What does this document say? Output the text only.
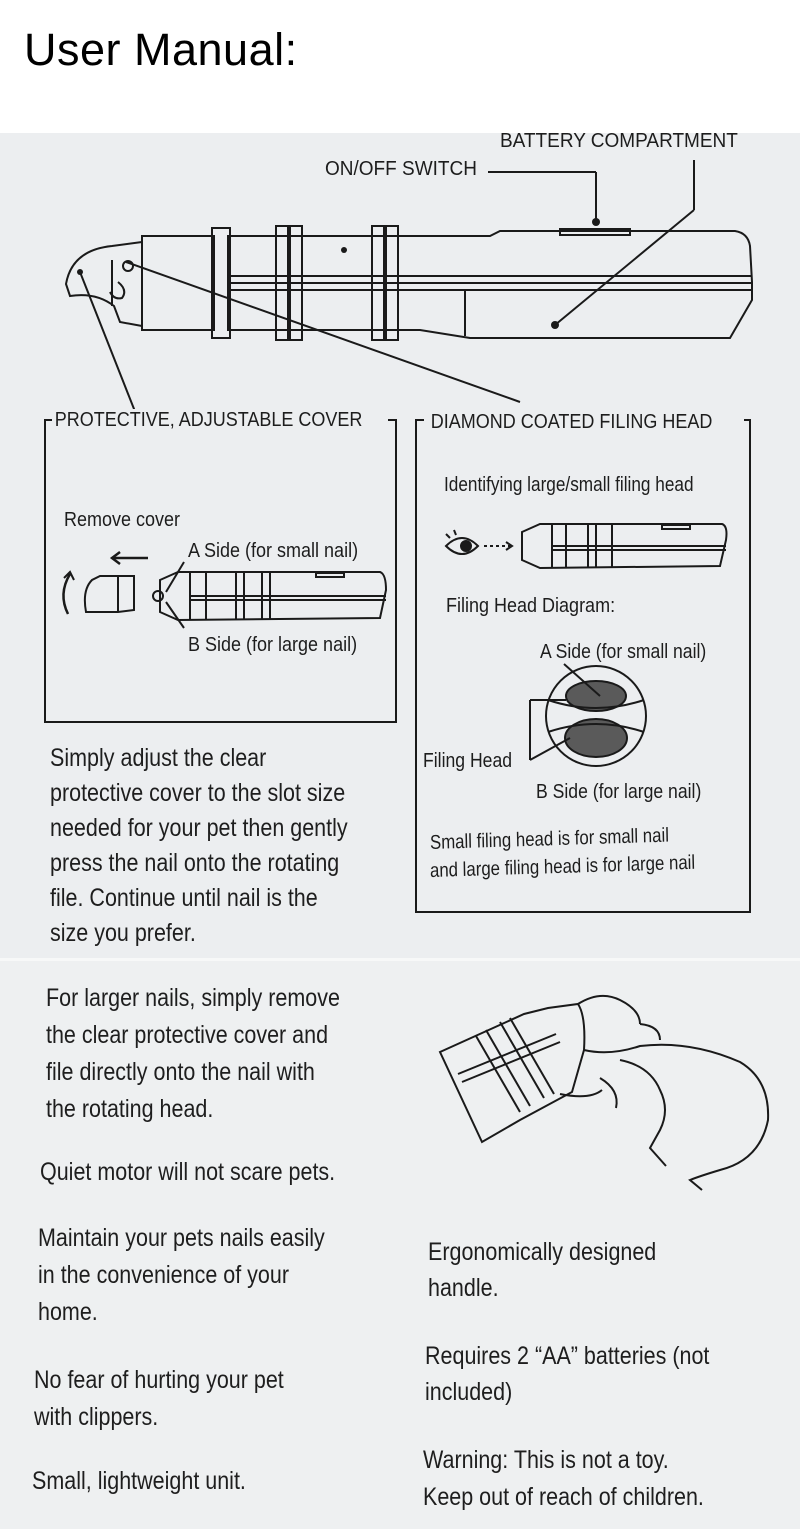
User Manual:
BATTERY COMPARTMENT
ON/OFF SWITCH
PROTECTIVE, ADJUSTABLE COVER
Remove cover
A Side (for small nail)
B Side (for large nail)
DIAMOND COATED FILING HEAD
Identifying large/small filing head
Filing Head Diagram:
A Side (for small nail)
Filing Head
B Side (for large nail)
Small filing head is for small nail
and large filing head is for large nail
Simply adjust the clear
protective cover to the slot size
needed for your pet then gently
press the nail onto the rotating
file. Continue until nail is the
size you prefer.
For larger nails, simply remove
the clear protective cover and
file directly onto the nail with
the rotating head.
Quiet motor will not scare pets.
Maintain your pets nails easily
in the convenience of your
home.
No fear of hurting your pet
with clippers.
Small, lightweight unit.
Ergonomically designed
handle.
Requires 2 “AA” batteries (not
included)
Warning: This is not a toy.
Keep out of reach of children.
